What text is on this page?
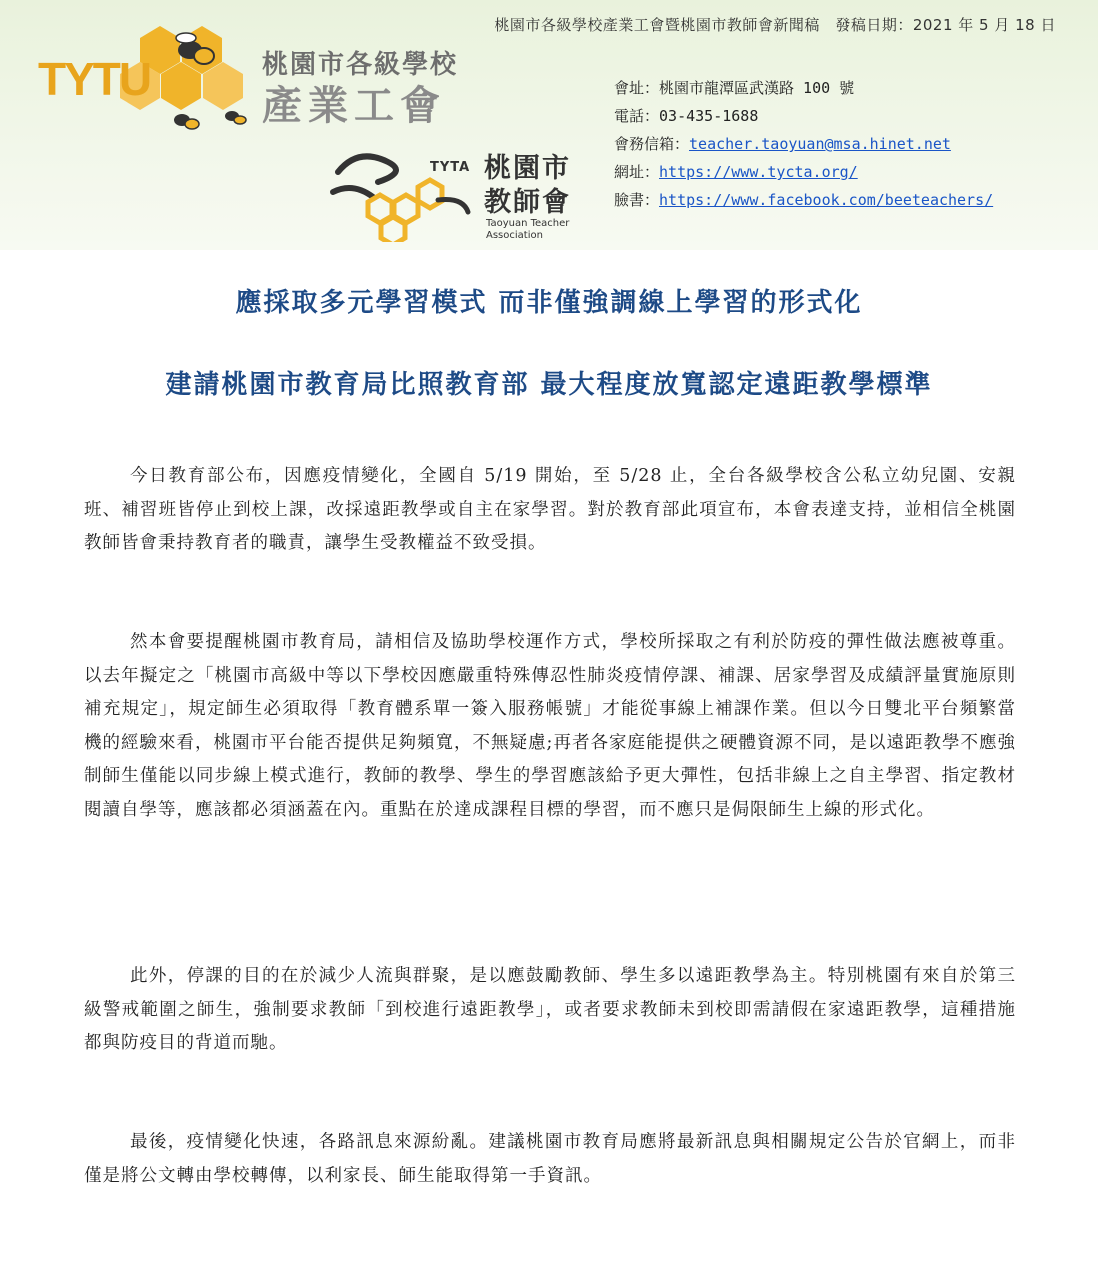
桃園市各級學校產業工會暨桃園市教師會新聞稿　發稿日期：2021 年 5 月 18 日
TYTU	桃園市各級學校
產業工會
TYTA 桃園市
教師會
Taoyuan Teacher
Association
會址：桃園市龍潭區武漢路 100 號
電話：03-435-1688
會務信箱：teacher.taoyuan@msa.hinet.net
網址：https://www.tycta.org/
臉書：https://www.facebook.com/beeteachers/
應採取多元學習模式 而非僅強調線上學習的形式化
建請桃園市教育局比照教育部 最大程度放寬認定遠距教學標準
今日教育部公布，因應疫情變化，全國自 5/19 開始，至 5/28 止，全台各級學校含公私立幼兒園、安親班、補習班皆停止到校上課，改採遠距教學或自主在家學習。對於教育部此項宣布，本會表達支持，並相信全桃園教師皆會秉持教育者的職責，讓學生受教權益不致受損。
然本會要提醒桃園市教育局，請相信及協助學校運作方式，學校所採取之有利於防疫的彈性做法應被尊重。以去年擬定之「桃園市高級中等以下學校因應嚴重特殊傳忍性肺炎疫情停課、補課、居家學習及成績評量實施原則補充規定」，規定師生必須取得「教育體系單一簽入服務帳號」才能從事線上補課作業。但以今日雙北平台頻繁當機的經驗來看，桃園市平台能否提供足夠頻寬，不無疑慮;再者各家庭能提供之硬體資源不同，是以遠距教學不應強制師生僅能以同步線上模式進行，教師的教學、學生的學習應該給予更大彈性，包括非線上之自主學習、指定教材閱讀自學等，應該都必須涵蓋在內。重點在於達成課程目標的學習，而不應只是侷限師生上線的形式化。
此外，停課的目的在於減少人流與群聚，是以應鼓勵教師、學生多以遠距教學為主。特別桃園有來自於第三級警戒範圍之師生，強制要求教師「到校進行遠距教學」，或者要求教師未到校即需請假在家遠距教學，這種措施都與防疫目的背道而馳。
最後，疫情變化快速，各路訊息來源紛亂。建議桃園市教育局應將最新訊息與相關規定公告於官網上，而非僅是將公文轉由學校轉傳，以利家長、師生能取得第一手資訊。
